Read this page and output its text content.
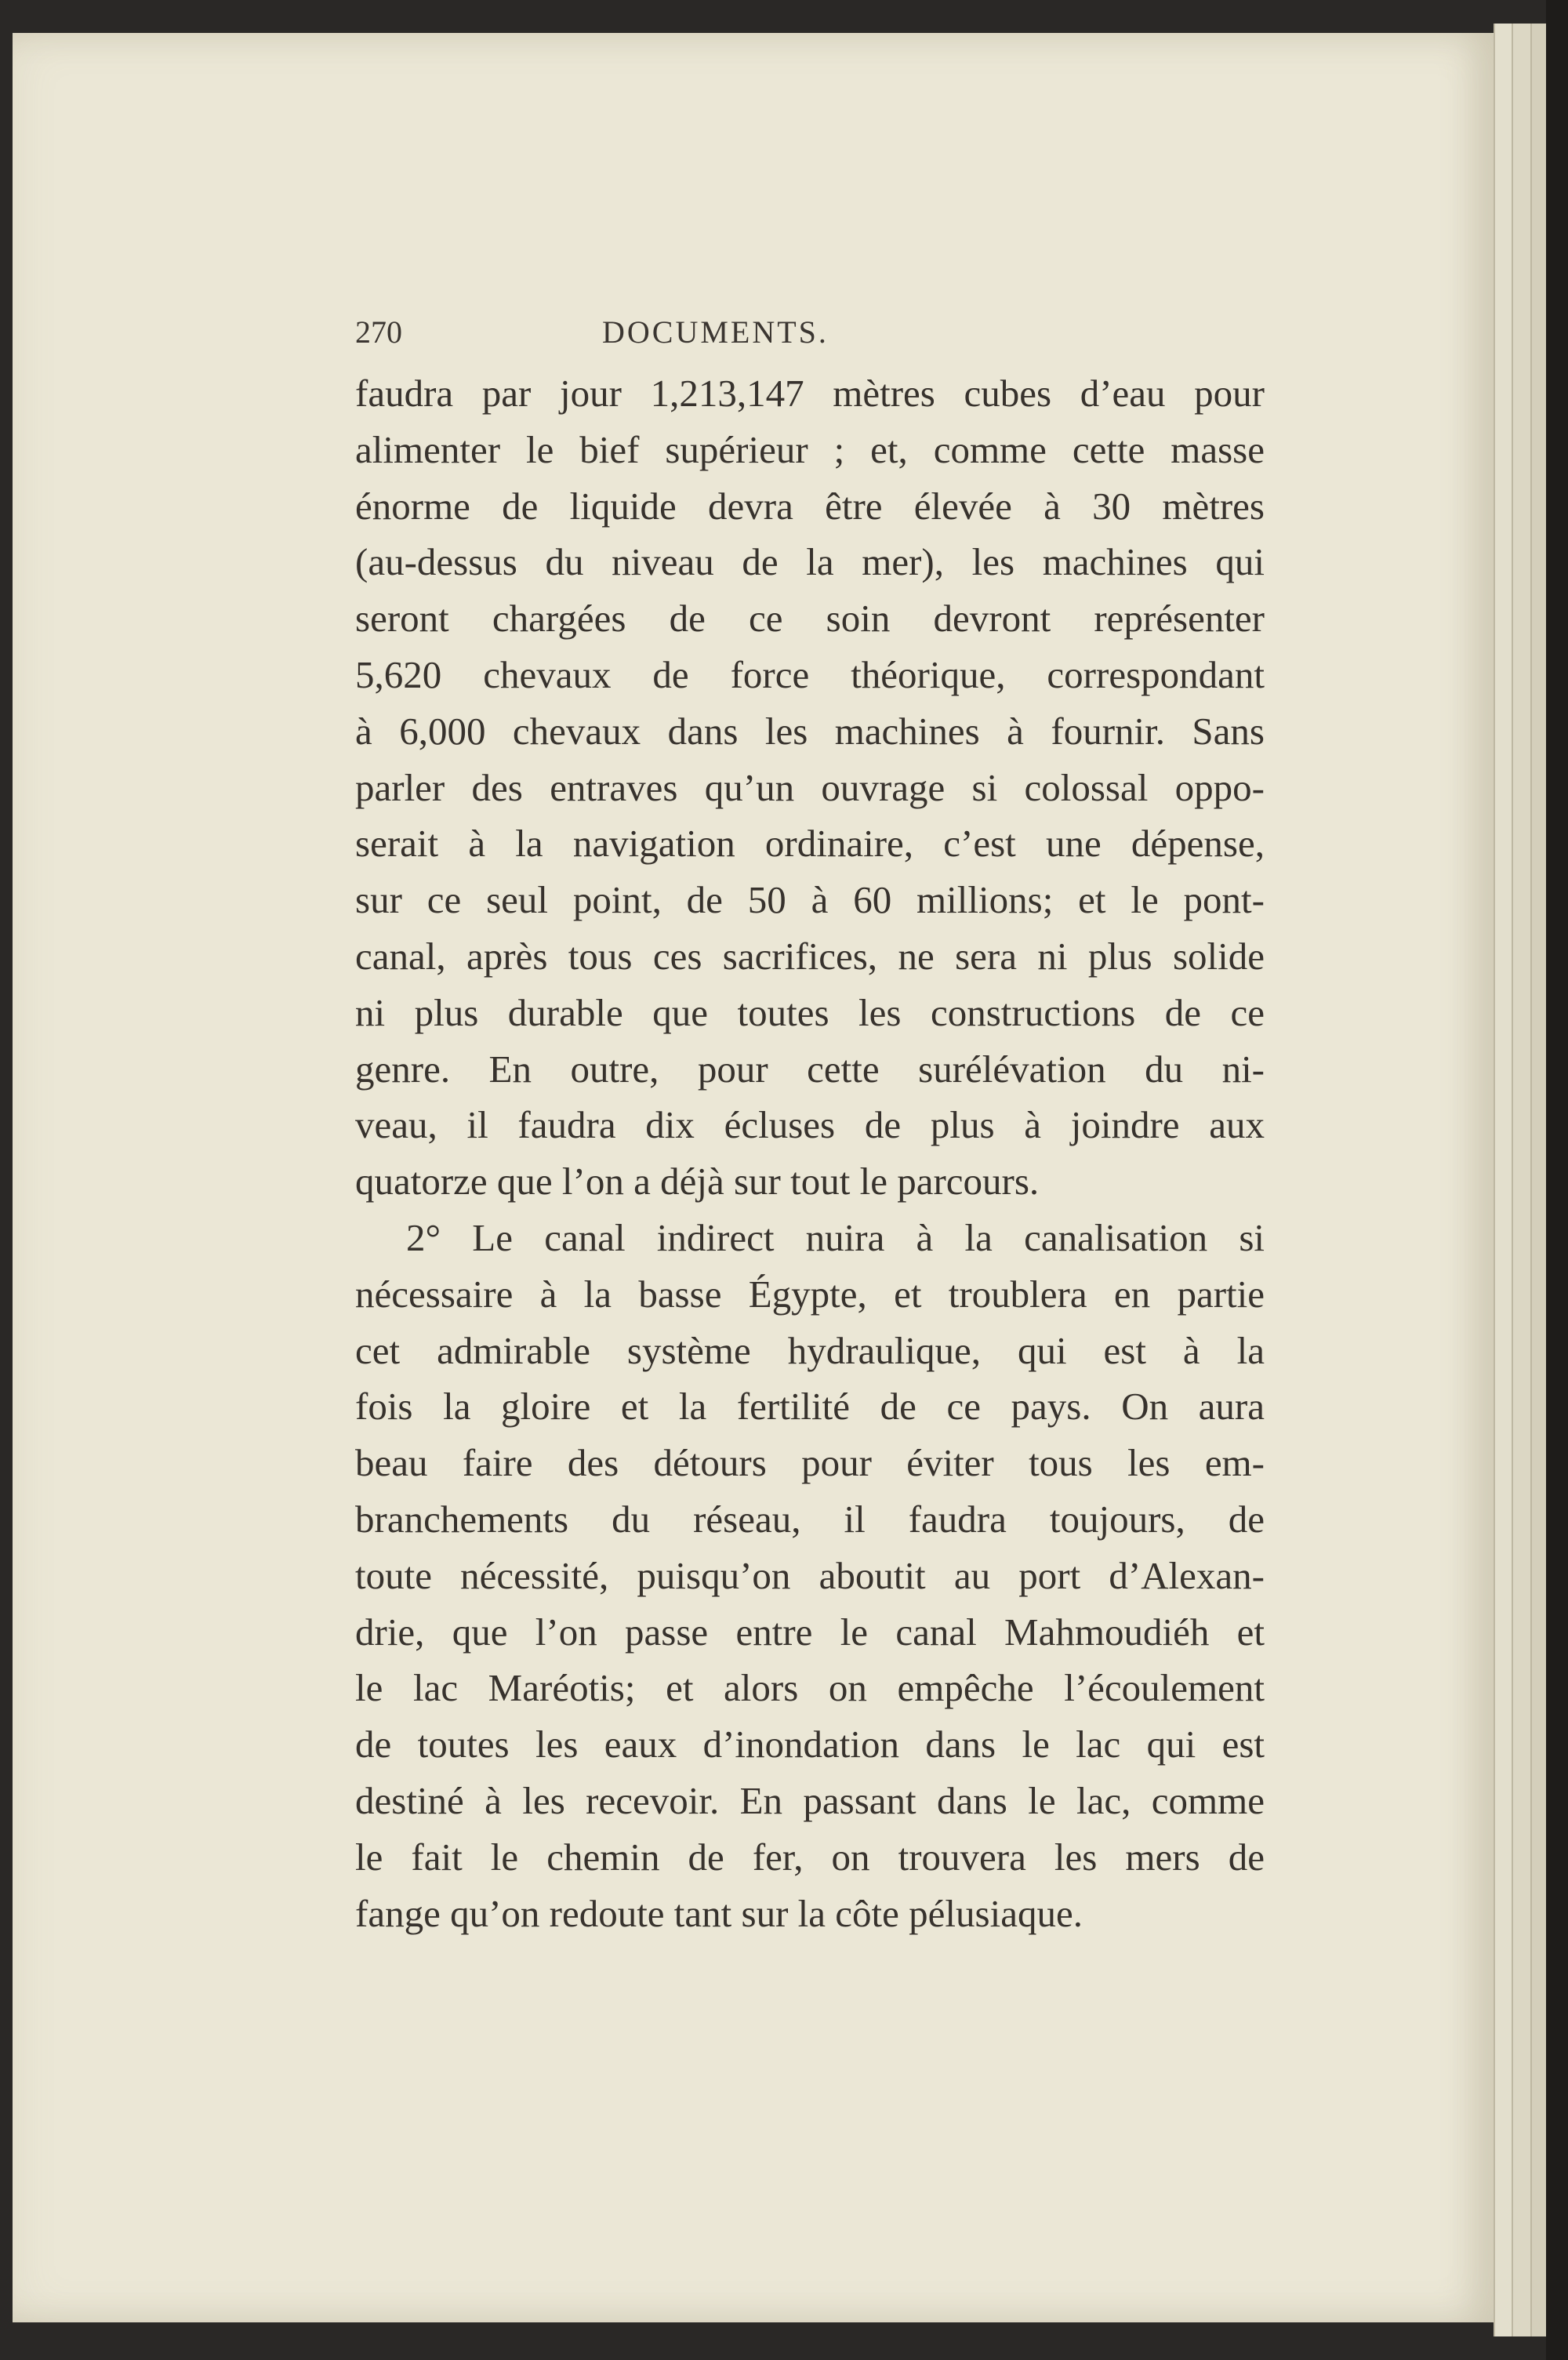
270	DOCUMENTS.
faudra par jour 1,213,147 mètres cubes d’eau pour
alimenter le bief supérieur ; et, comme cette masse
énorme de liquide devra être élevée à 30 mètres
(au-dessus du niveau de la mer), les machines qui
seront chargées de ce soin devront représenter
5,620 chevaux de force théorique, correspondant
à 6,000 chevaux dans les machines à fournir. Sans
parler des entraves qu’un ouvrage si colossal oppo-
serait à la navigation ordinaire, c’est une dépense,
sur ce seul point, de 50 à 60 millions; et le pont-
canal, après tous ces sacrifices, ne sera ni plus solide
ni plus durable que toutes les constructions de ce
genre. En outre, pour cette surélévation du ni-
veau, il faudra dix écluses de plus à joindre aux
quatorze que l’on a déjà sur tout le parcours.
2° Le canal indirect nuira à la canalisation si
nécessaire à la basse Égypte, et troublera en partie
cet admirable système hydraulique, qui est à la
fois la gloire et la fertilité de ce pays. On aura
beau faire des détours pour éviter tous les em-
branchements du réseau, il faudra toujours, de
toute nécessité, puisqu’on aboutit au port d’Alexan-
drie, que l’on passe entre le canal Mahmoudiéh et
le lac Maréotis; et alors on empêche l’écoulement
de toutes les eaux d’inondation dans le lac qui est
destiné à les recevoir. En passant dans le lac, comme
le fait le chemin de fer, on trouvera les mers de
fange qu’on redoute tant sur la côte pélusiaque.
